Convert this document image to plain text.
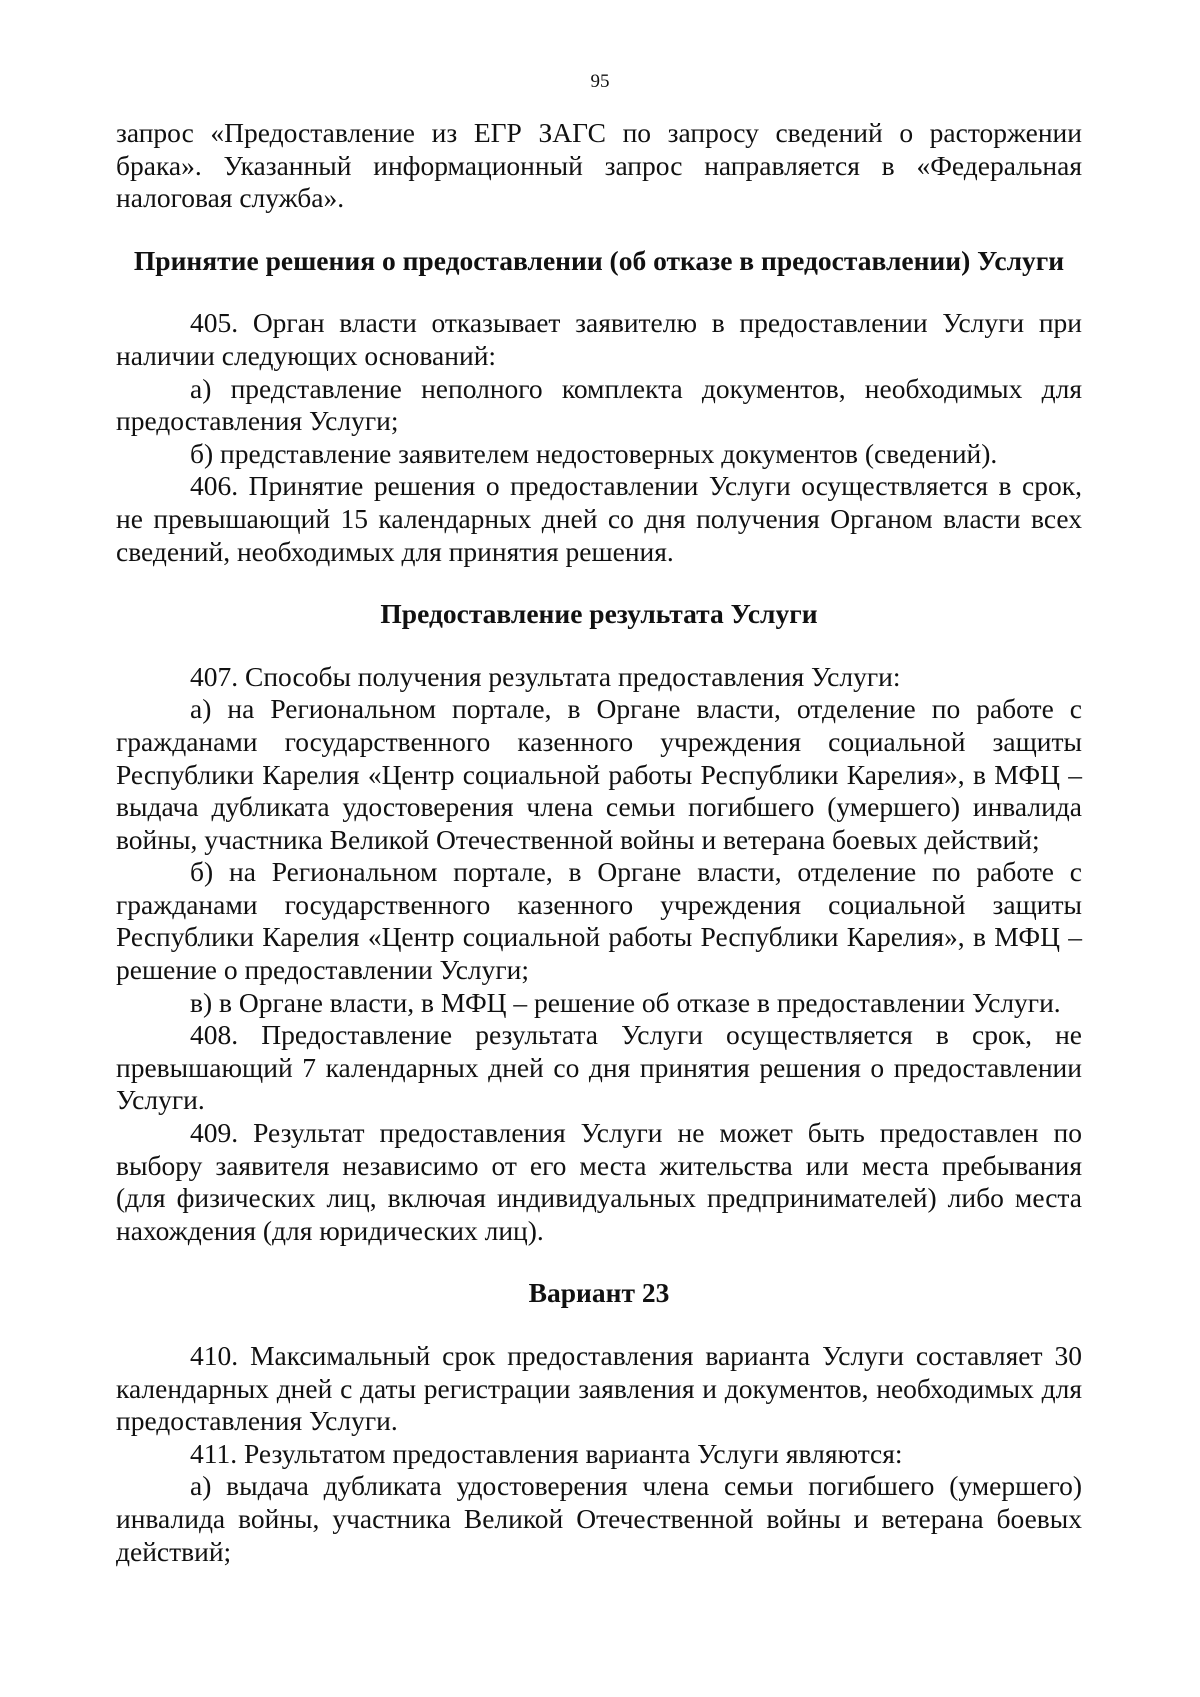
95

запрос «Предоставление из ЕГР ЗАГС по запросу сведений о расторжении брака». Указанный информационный запрос направляется в «Федеральная налоговая служба».

Принятие решения о предоставлении (об отказе в предоставлении) Услуги

405. Орган власти отказывает заявителю в предоставлении Услуги при наличии следующих оснований:

а) представление неполного комплекта документов, необходимых для предоставления Услуги;

б) представление заявителем недостоверных документов (сведений).

406. Принятие решения о предоставлении Услуги осуществляется в срок, не превышающий 15 календарных дней со дня получения Органом власти всех сведений, необходимых для принятия решения.

Предоставление результата Услуги

407. Способы получения результата предоставления Услуги:

а) на Региональном портале, в Органе власти, отделение по работе с гражданами государственного казенного учреждения социальной защиты Республики Карелия «Центр социальной работы Республики Карелия», в МФЦ – выдача дубликата удостоверения члена семьи погибшего (умершего) инвалида войны, участника Великой Отечественной войны и ветерана боевых действий;

б) на Региональном портале, в Органе власти, отделение по работе с гражданами государственного казенного учреждения социальной защиты Республики Карелия «Центр социальной работы Республики Карелия», в МФЦ – решение о предоставлении Услуги;

в) в Органе власти, в МФЦ – решение об отказе в предоставлении Услуги.

408. Предоставление результата Услуги осуществляется в срок, не превышающий 7 календарных дней со дня принятия решения о предоставлении Услуги.

409. Результат предоставления Услуги не может быть предоставлен по выбору заявителя независимо от его места жительства или места пребывания (для физических лиц, включая индивидуальных предпринимателей) либо места нахождения (для юридических лиц).

Вариант 23

410. Максимальный срок предоставления варианта Услуги составляет 30 календарных дней с даты регистрации заявления и документов, необходимых для предоставления Услуги.

411. Результатом предоставления варианта Услуги являются:

а) выдача дубликата удостоверения члена семьи погибшего (умершего) инвалида войны, участника Великой Отечественной войны и ветерана боевых действий;
